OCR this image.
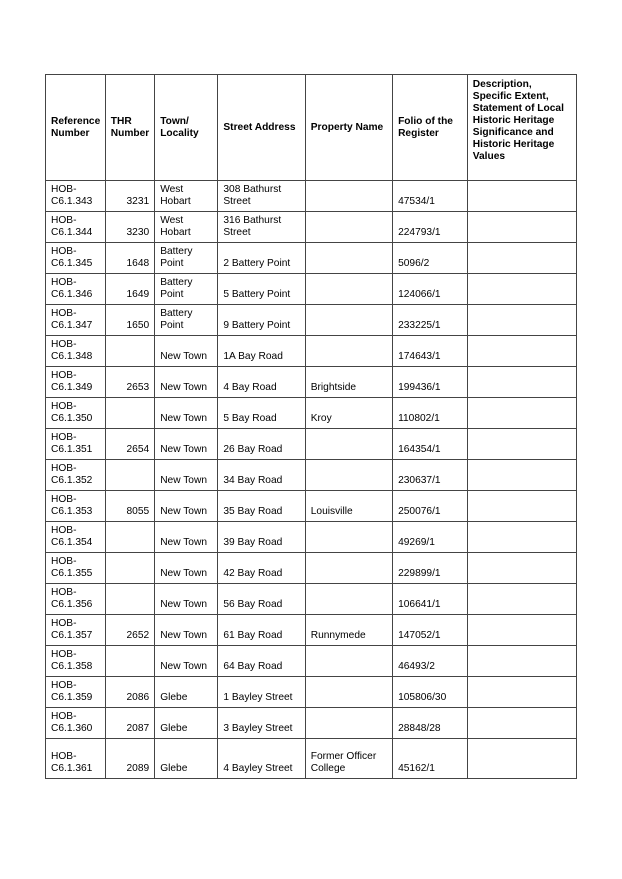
Reference Number	THR Number	Town/ Locality	Street Address	Property Name	Folio of the Register	Description, Specific Extent, Statement of Local Historic Heritage Significance and Historic Heritage Values
HOB-C6.1.343	3231	West Hobart	308 Bathurst Street		47534/1	
HOB-C6.1.344	3230	West Hobart	316 Bathurst Street		224793/1	
HOB-C6.1.345	1648	Battery Point	2 Battery Point		5096/2	
HOB-C6.1.346	1649	Battery Point	5 Battery Point		124066/1	
HOB-C6.1.347	1650	Battery Point	9 Battery Point		233225/1	
HOB-C6.1.348		New Town	1A Bay Road		174643/1	
HOB-C6.1.349	2653	New Town	4 Bay Road	Brightside	199436/1	
HOB-C6.1.350		New Town	5 Bay Road	Kroy	110802/1	
HOB-C6.1.351	2654	New Town	26 Bay Road		164354/1	
HOB-C6.1.352		New Town	34 Bay Road		230637/1	
HOB-C6.1.353	8055	New Town	35 Bay Road	Louisville	250076/1	
HOB-C6.1.354		New Town	39 Bay Road		49269/1	
HOB-C6.1.355		New Town	42 Bay Road		229899/1	
HOB-C6.1.356		New Town	56 Bay Road		106641/1	
HOB-C6.1.357	2652	New Town	61 Bay Road	Runnymede	147052/1	
HOB-C6.1.358		New Town	64 Bay Road		46493/2	
HOB-C6.1.359	2086	Glebe	1 Bayley Street		105806/30	
HOB-C6.1.360	2087	Glebe	3 Bayley Street		28848/28	
HOB-C6.1.361	2089	Glebe	4 Bayley Street	Former Officer College	45162/1	
